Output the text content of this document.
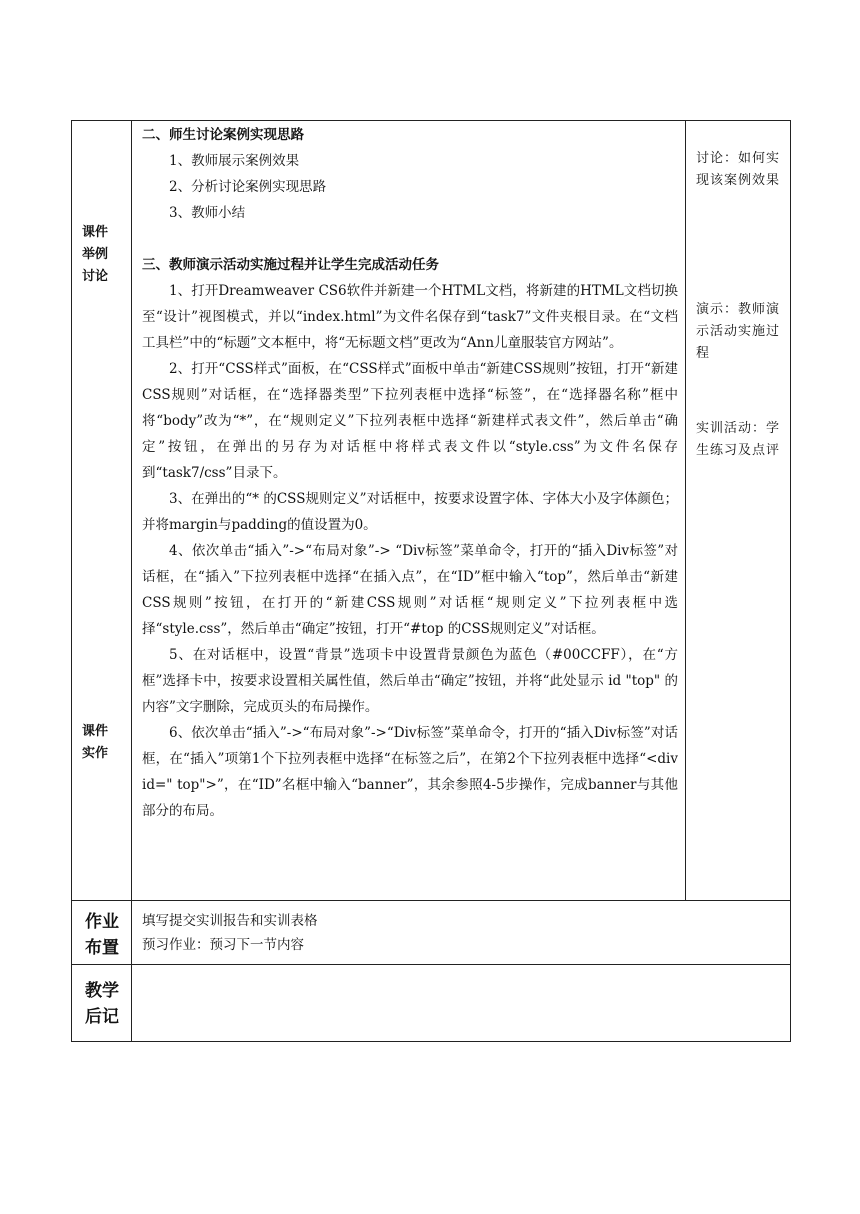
课件举例讨论
课件实作
作业布置
教学后记
二、师生讨论案例实现思路
1、教师展示案例效果
2、分析讨论案例实现思路
3、教师小结
三、教师演示活动实施过程并让学生完成活动任务
1、打开Dreamweaver CS6软件并新建一个HTML文档，将新建的HTML文档切换至“设计”视图模式，并以“index.html”为文件名保存到“task7”文件夹根目录。在“文档工具栏”中的“标题”文本框中，将“无标题文档”更改为“Ann儿童服装官方网站”。
2、打开“CSS样式”面板，在“CSS样式”面板中单击“新建CSS规则”按钮，打开“新建CSS规则”对话框，在“选择器类型”下拉列表框中选择“标签”，在“选择器名称”框中将“body”改为“*”，在“规则定义”下拉列表框中选择“新建样式表文件”，然后单击“确定”按钮，在弹出的另存为对话框中将样式表文件以“style.css”为文件名保存到“task7/css”目录下。
3、在弹出的“* 的CSS规则定义”对话框中，按要求设置字体、字体大小及字体颜色；并将margin与padding的值设置为0。
4、依次单击“插入”->“布局对象”-> “Div标签”菜单命令，打开的“插入Div标签”对话框，在“插入”下拉列表框中选择“在插入点”，在“ID”框中输入“top”，然后单击“新建CSS规则”按钮，在打开的“新建CSS规则”对话框“规则定义”下拉列表框中选择“style.css”，然后单击“确定”按钮，打开“#top 的CSS规则定义”对话框。
5、在对话框中，设置“背景”选项卡中设置背景颜色为蓝色（#00CCFF），在“方框”选择卡中，按要求设置相关属性值，然后单击“确定”按钮，并将“此处显示 id "top" 的内容”文字删除，完成页头的布局操作。
6、依次单击“插入”->“布局对象”->“Div标签”菜单命令，打开的“插入Div标签”对话框，在“插入”项第1个下拉列表框中选择“在标签之后”，在第2个下拉列表框中选择“<div id=" top">”，在“ID”名框中输入“banner”，其余参照4-5步操作，完成banner与其他部分的布局。
讨论：如何实现该案例效果
演示：教师演示活动实施过程
实训活动：学生练习及点评
填写提交实训报告和实训表格
预习作业：预习下一节内容
